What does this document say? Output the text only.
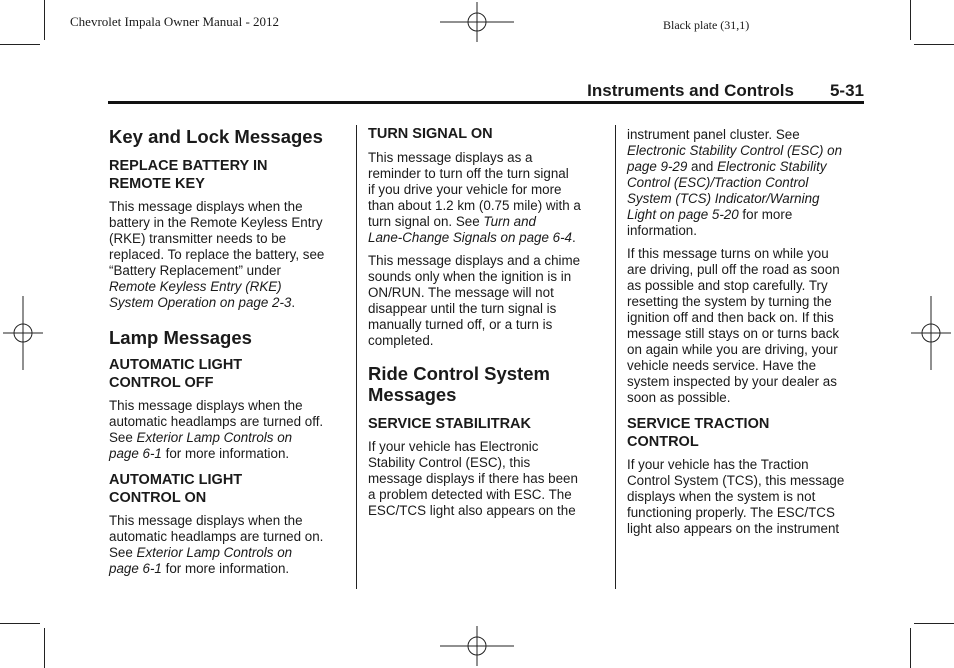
Chevrolet Impala Owner Manual - 2012	Black plate (31,1)
Instruments and Controls 5-31
Key and Lock Messages
REPLACE BATTERY IN
REMOTE KEY

This message displays when the
battery in the Remote Keyless Entry
(RKE) transmitter needs to be
replaced. To replace the battery, see
“Battery Replacement” under
Remote Keyless Entry (RKE)
System Operation on page 2-3.

Lamp Messages
AUTOMATIC LIGHT
CONTROL OFF

This message displays when the
automatic headlamps are turned off.
See Exterior Lamp Controls on
page 6-1 for more information.

AUTOMATIC LIGHT
CONTROL ON

This message displays when the
automatic headlamps are turned on.
See Exterior Lamp Controls on
page 6-1 for more information.

TURN SIGNAL ON

This message displays as a
reminder to turn off the turn signal
if you drive your vehicle for more
than about 1.2 km (0.75 mile) with a
turn signal on. See Turn and
Lane-Change Signals on page 6-4.

This message displays and a chime
sounds only when the ignition is in
ON/RUN. The message will not
disappear until the turn signal is
manually turned off, or a turn is
completed.

Ride Control System
Messages
SERVICE STABILITRAK

If your vehicle has Electronic
Stability Control (ESC), this
message displays if there has been
a problem detected with ESC. The
ESC/TCS light also appears on the

instrument panel cluster. See
Electronic Stability Control (ESC) on
page 9-29 and Electronic Stability
Control (ESC)/Traction Control
System (TCS) Indicator/Warning
Light on page 5-20 for more
information.

If this message turns on while you
are driving, pull off the road as soon
as possible and stop carefully. Try
resetting the system by turning the
ignition off and then back on. If this
message still stays on or turns back
on again while you are driving, your
vehicle needs service. Have the
system inspected by your dealer as
soon as possible.

SERVICE TRACTION
CONTROL

If your vehicle has the Traction
Control System (TCS), this message
displays when the system is not
functioning properly. The ESC/TCS
light also appears on the instrument
